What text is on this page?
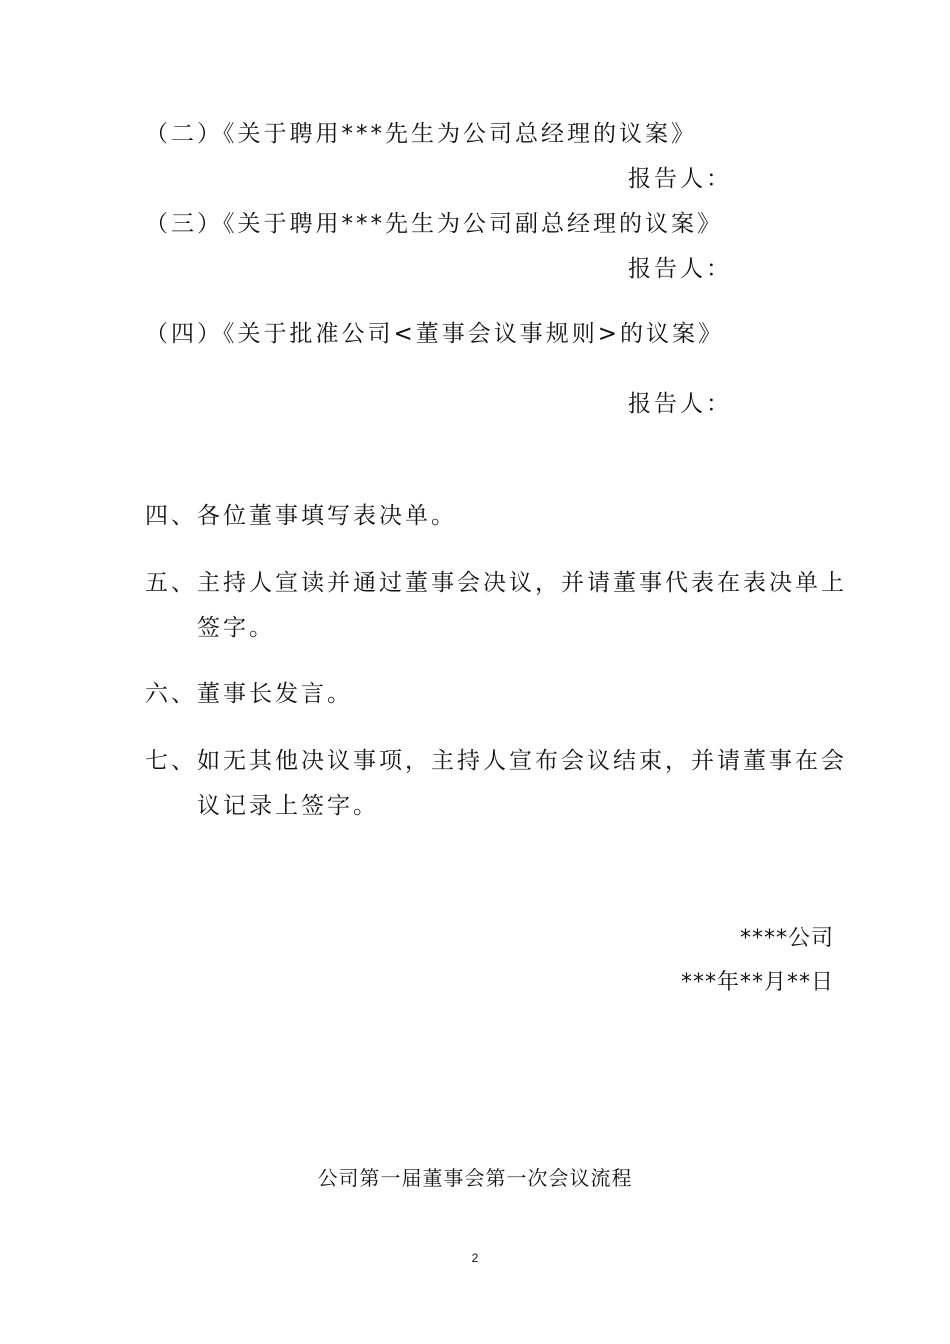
（二）《关于聘用***先生为公司总经理的议案》
报告人：
（三）《关于聘用***先生为公司副总经理的议案》
报告人：
（四）《关于批准公司<董事会议事规则>的议案》
报告人：
四、各位董事填写表决单。
五、主持人宣读并通过董事会决议，并请董事代表在表决单上
签字。
六、董事长发言。
七、如无其他决议事项，主持人宣布会议结束，并请董事在会
议记录上签字。
****公司
***年**月**日
公司第一届董事会第一次会议流程
2
